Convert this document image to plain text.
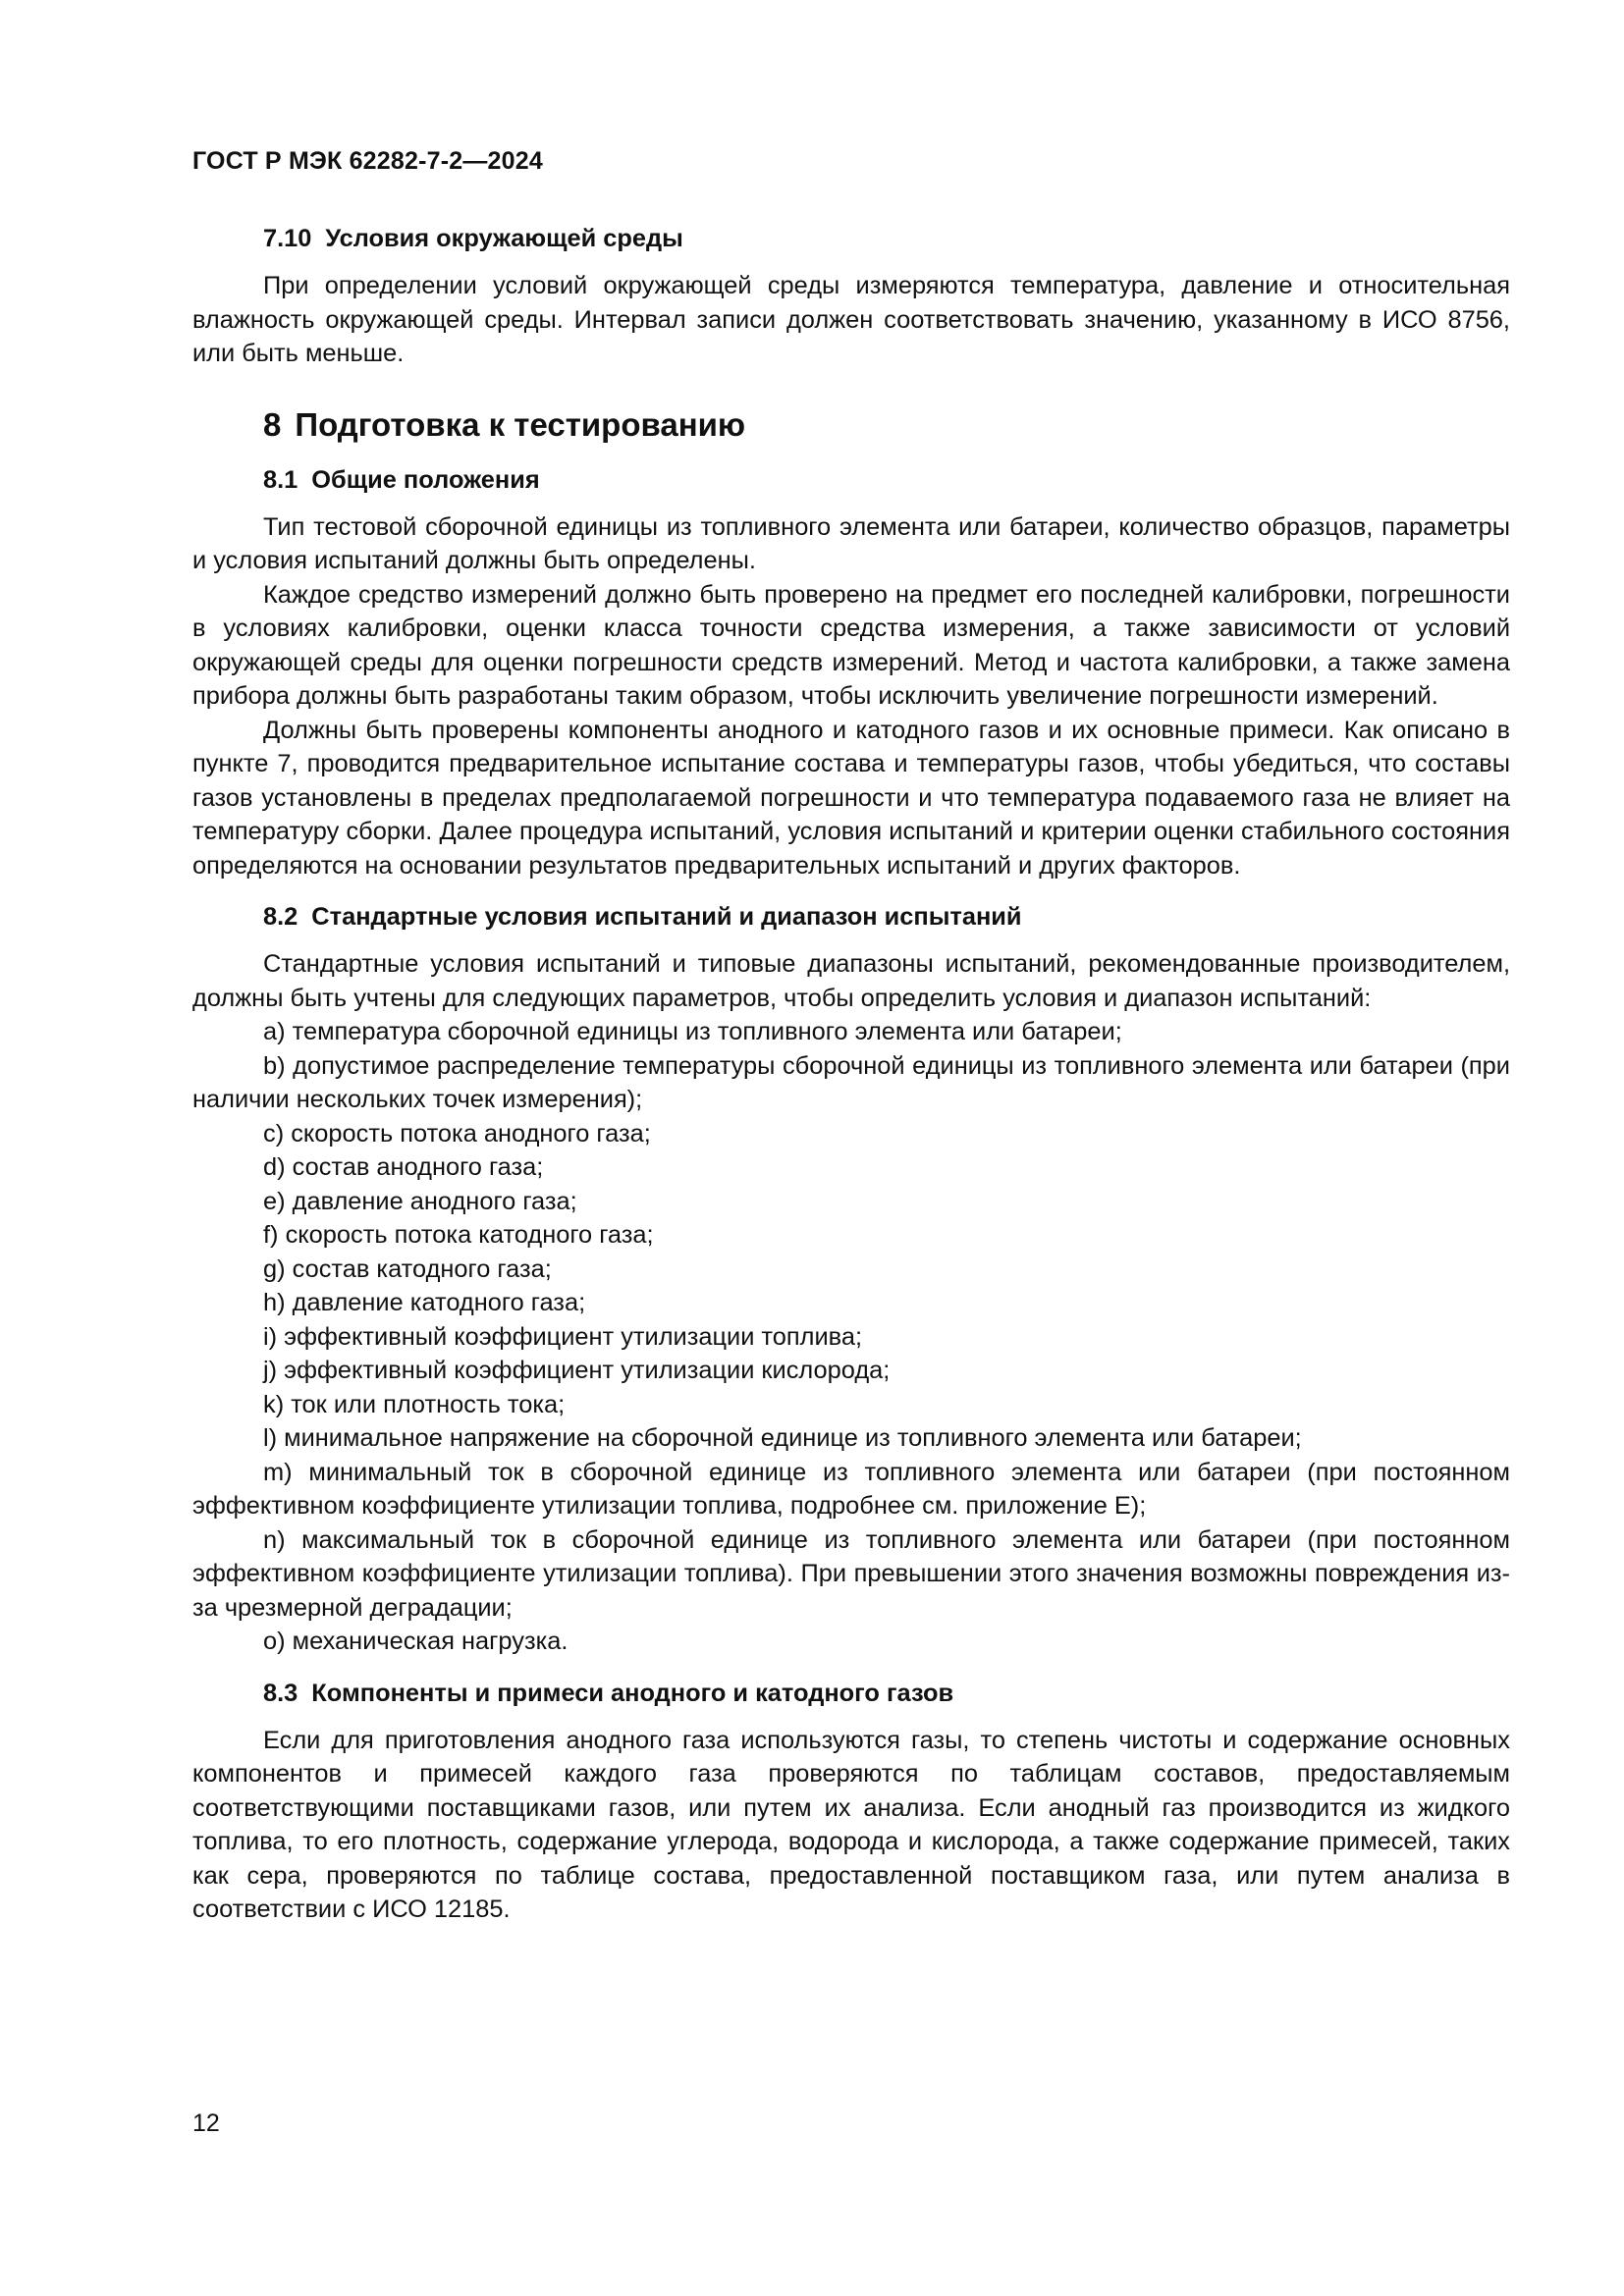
ГОСТ Р МЭК 62282-7-2—2024
7.10 Условия окружающей среды

При определении условий окружающей среды измеряются температура, давление и относительная влажность окружающей среды. Интервал записи должен соответствовать значению, указанному в ИСО 8756, или быть меньше.

8 Подготовка к тестированию
8.1 Общие положения

Тип тестовой сборочной единицы из топливного элемента или батареи, количество образцов, параметры и условия испытаний должны быть определены.

Каждое средство измерений должно быть проверено на предмет его последней калибровки, погрешности в условиях калибровки, оценки класса точности средства измерения, а также зависимости от условий окружающей среды для оценки погрешности средств измерений. Метод и частота калибровки, а также замена прибора должны быть разработаны таким образом, чтобы исключить увеличение погрешности измерений.

Должны быть проверены компоненты анодного и катодного газов и их основные примеси. Как описано в пункте 7, проводится предварительное испытание состава и температуры газов, чтобы убедиться, что составы газов установлены в пределах предполагаемой погрешности и что температура подаваемого газа не влияет на температуру сборки. Далее процедура испытаний, условия испытаний и критерии оценки стабильного состояния определяются на основании результатов предварительных испытаний и других факторов.

8.2 Стандартные условия испытаний и диапазон испытаний

Стандартные условия испытаний и типовые диапазоны испытаний, рекомендованные производителем, должны быть учтены для следующих параметров, чтобы определить условия и диапазон испытаний:

a) температура сборочной единицы из топливного элемента или батареи;

b) допустимое распределение температуры сборочной единицы из топливного элемента или батареи (при наличии нескольких точек измерения);

c) скорость потока анодного газа;

d) состав анодного газа;

e) давление анодного газа;

f) скорость потока катодного газа;

g) состав катодного газа;

h) давление катодного газа;

i) эффективный коэффициент утилизации топлива;

j) эффективный коэффициент утилизации кислорода;

k) ток или плотность тока;

l) минимальное напряжение на сборочной единице из топливного элемента или батареи;

m) минимальный ток в сборочной единице из топливного элемента или батареи (при постоянном эффективном коэффициенте утилизации топлива, подробнее см. приложение Е);

n) максимальный ток в сборочной единице из топливного элемента или батареи (при постоянном эффективном коэффициенте утилизации топлива). При превышении этого значения возможны повреждения из-за чрезмерной деградации;

o) механическая нагрузка.

8.3 Компоненты и примеси анодного и катодного газов

Если для приготовления анодного газа используются газы, то степень чистоты и содержание основных компонентов и примесей каждого газа проверяются по таблицам составов, предоставляемым соответствующими поставщиками газов, или путем их анализа. Если анодный газ производится из жидкого топлива, то его плотность, содержание углерода, водорода и кислорода, а также содержание примесей, таких как сера, проверяются по таблице состава, предоставленной поставщиком газа, или путем анализа в соответствии с ИСО 12185.

12
